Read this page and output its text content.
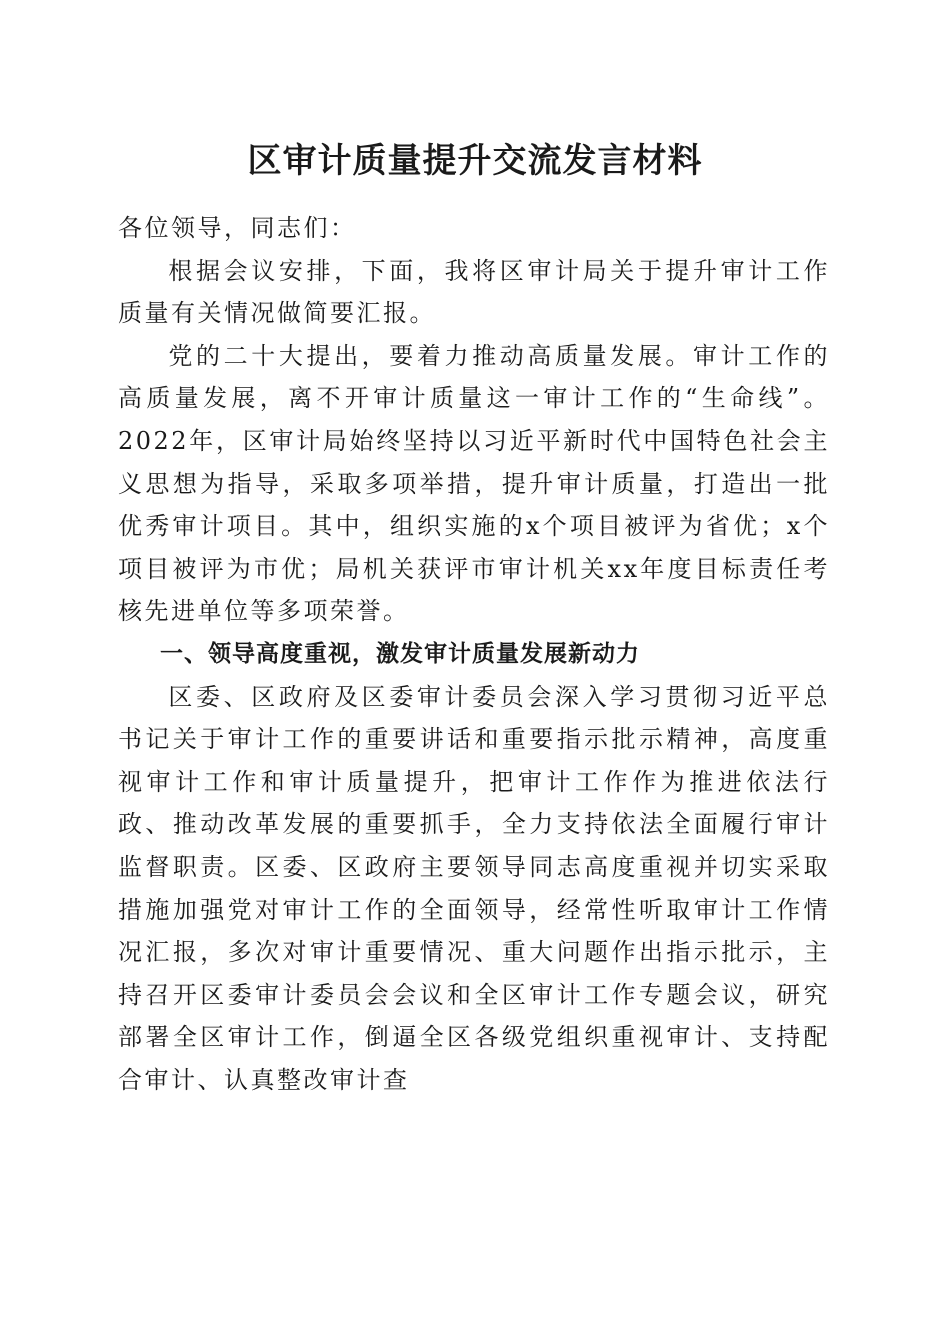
区审计质量提升交流发言材料

各位领导，同志们：

根据会议安排，下面，我将区审计局关于提升审计工作质量有关情况做简要汇报。

党的二十大提出，要着力推动高质量发展。审计工作的高质量发展，离不开审计质量这一审计工作的“生命线”。2022年，区审计局始终坚持以习近平新时代中国特色社会主义思想为指导，采取多项举措，提升审计质量，打造出一批优秀审计项目。其中，组织实施的x个项目被评为省优；x个项目被评为市优；局机关获评市审计机关xx年度目标责任考核先进单位等多项荣誉。

一、领导高度重视，激发审计质量发展新动力

区委、区政府及区委审计委员会深入学习贯彻习近平总书记关于审计工作的重要讲话和重要指示批示精神，高度重视审计工作和审计质量提升，把审计工作作为推进依法行政、推动改革发展的重要抓手，全力支持依法全面履行审计监督职责。区委、区政府主要领导同志高度重视并切实采取措施加强党对审计工作的全面领导，经常性听取审计工作情况汇报，多次对审计重要情况、重大问题作出指示批示，主持召开区委审计委员会会议和全区审计工作专题会议，研究部署全区审计工作，倒逼全区各级党组织重视审计、支持配合审计、认真整改审计查
